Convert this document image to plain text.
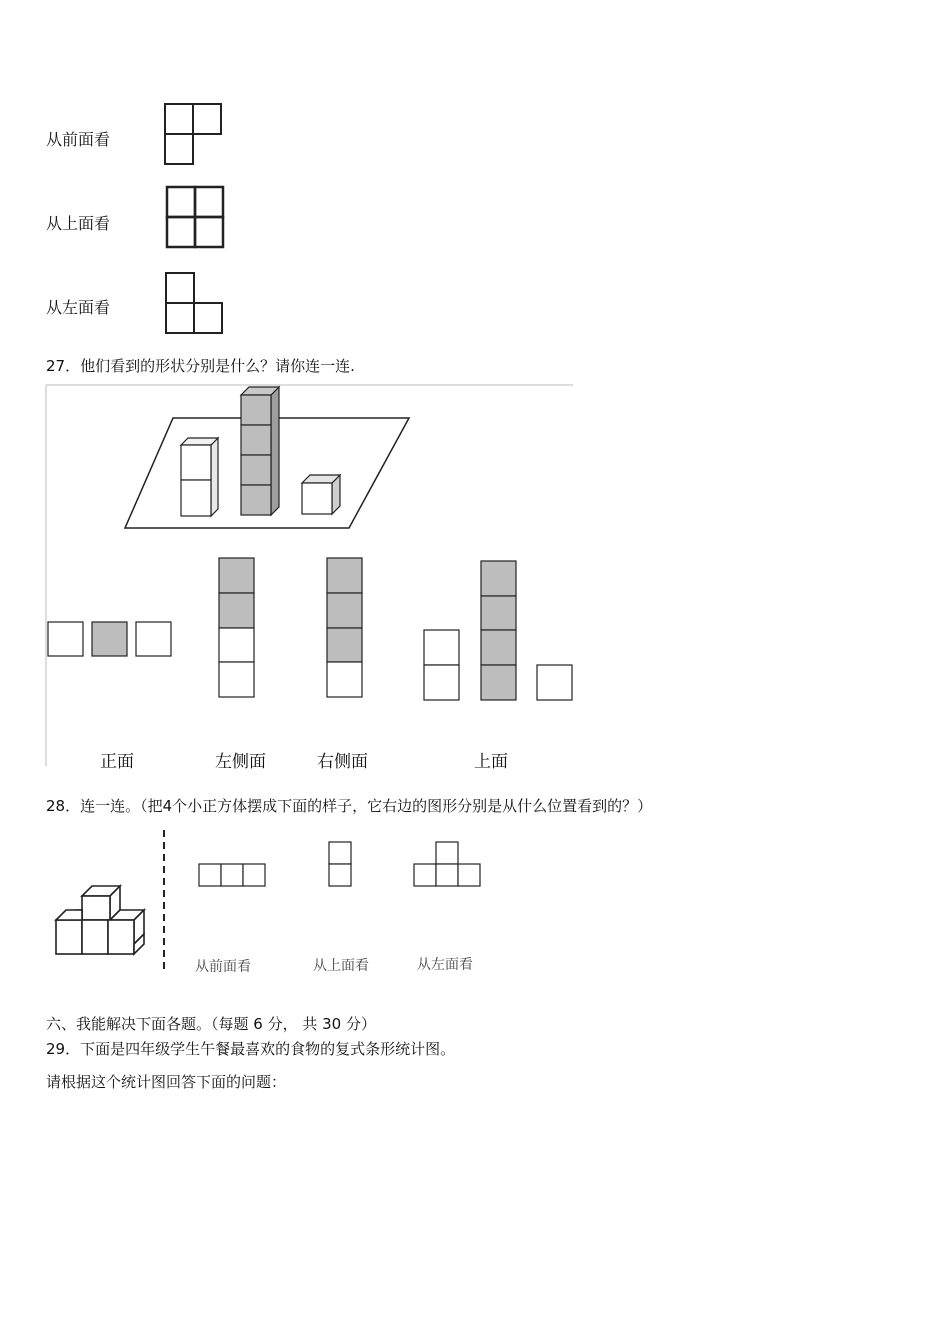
从前面看
从上面看
从左面看
27．他们看到的形状分别是什么？请你连一连.
正面	左侧面	右侧面	上面
28．连一连。（把4个小正方体摆成下面的样子，它右边的图形分别是从什么位置看到的？）
从前面看	从上面看	从左面看
六、我能解决下面各题。（每题 6 分， 共 30 分）
29．下面是四年级学生午餐最喜欢的食物的复式条形统计图。
请根据这个统计图回答下面的问题：
